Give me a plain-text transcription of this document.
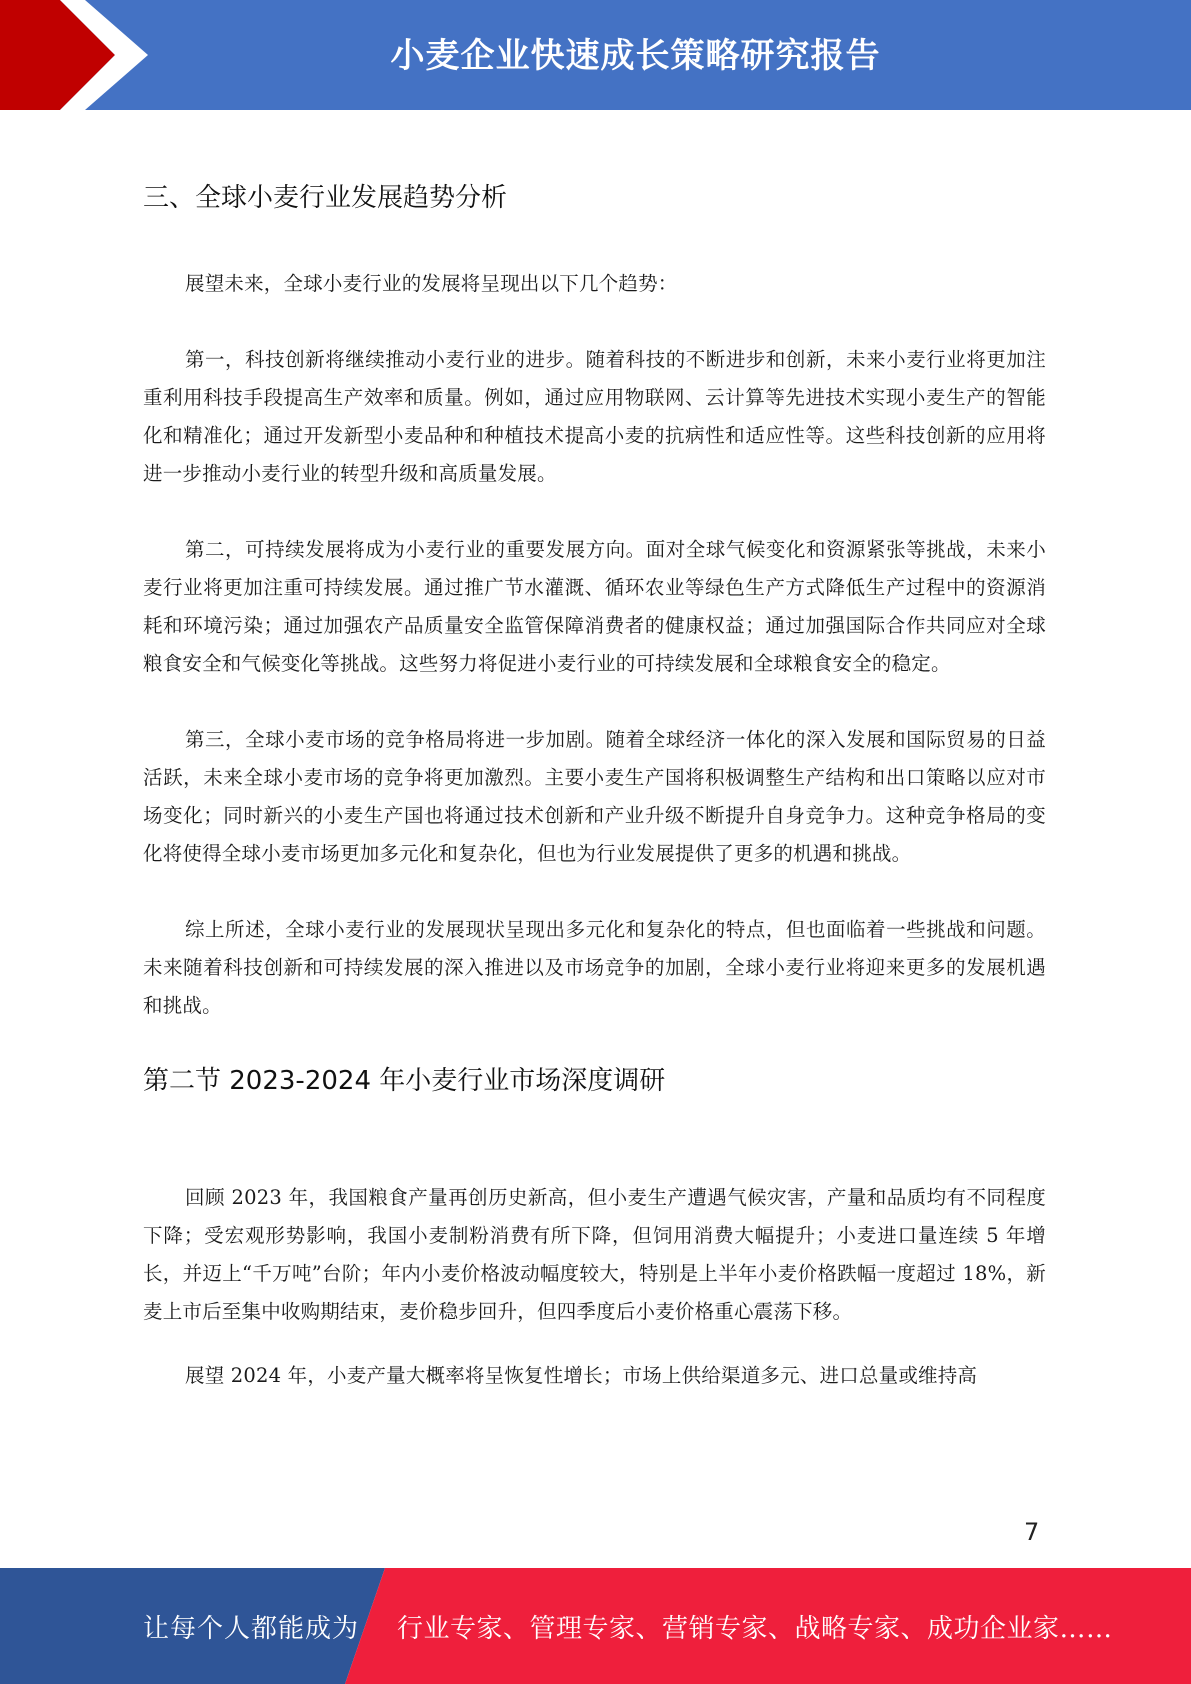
小麦企业快速成长策略研究报告
三、全球小麦行业发展趋势分析

展望未来，全球小麦行业的发展将呈现出以下几个趋势：

第一，科技创新将继续推动小麦行业的进步。随着科技的不断进步和创新，未来小麦行业将更加注重利用科技手段提高生产效率和质量。例如，通过应用物联网、云计算等先进技术实现小麦生产的智能化和精准化；通过开发新型小麦品种和种植技术提高小麦的抗病性和适应性等。这些科技创新的应用将进一步推动小麦行业的转型升级和高质量发展。

第二，可持续发展将成为小麦行业的重要发展方向。面对全球气候变化和资源紧张等挑战，未来小麦行业将更加注重可持续发展。通过推广节水灌溉、循环农业等绿色生产方式降低生产过程中的资源消耗和环境污染；通过加强农产品质量安全监管保障消费者的健康权益；通过加强国际合作共同应对全球粮食安全和气候变化等挑战。这些努力将促进小麦行业的可持续发展和全球粮食安全的稳定。

第三，全球小麦市场的竞争格局将进一步加剧。随着全球经济一体化的深入发展和国际贸易的日益活跃，未来全球小麦市场的竞争将更加激烈。主要小麦生产国将积极调整生产结构和出口策略以应对市场变化；同时新兴的小麦生产国也将通过技术创新和产业升级不断提升自身竞争力。这种竞争格局的变化将使得全球小麦市场更加多元化和复杂化，但也为行业发展提供了更多的机遇和挑战。

综上所述，全球小麦行业的发展现状呈现出多元化和复杂化的特点，但也面临着一些挑战和问题。未来随着科技创新和可持续发展的深入推进以及市场竞争的加剧，全球小麦行业将迎来更多的发展机遇和挑战。

第二节 2023-2024 年小麦行业市场深度调研

回顾 2023 年，我国粮食产量再创历史新高，但小麦生产遭遇气候灾害，产量和品质均有不同程度下降；受宏观形势影响，我国小麦制粉消费有所下降，但饲用消费大幅提升；小麦进口量连续 5 年增长，并迈上“千万吨”台阶；年内小麦价格波动幅度较大，特别是上半年小麦价格跌幅一度超过 18%，新麦上市后至集中收购期结束，麦价稳步回升，但四季度后小麦价格重心震荡下移。

展望 2024 年，小麦产量大概率将呈恢复性增长；市场上供给渠道多元、进口总量或维持高

7
让每个人都能成为 行业专家、管理专家、营销专家、战略专家、成功企业家……
